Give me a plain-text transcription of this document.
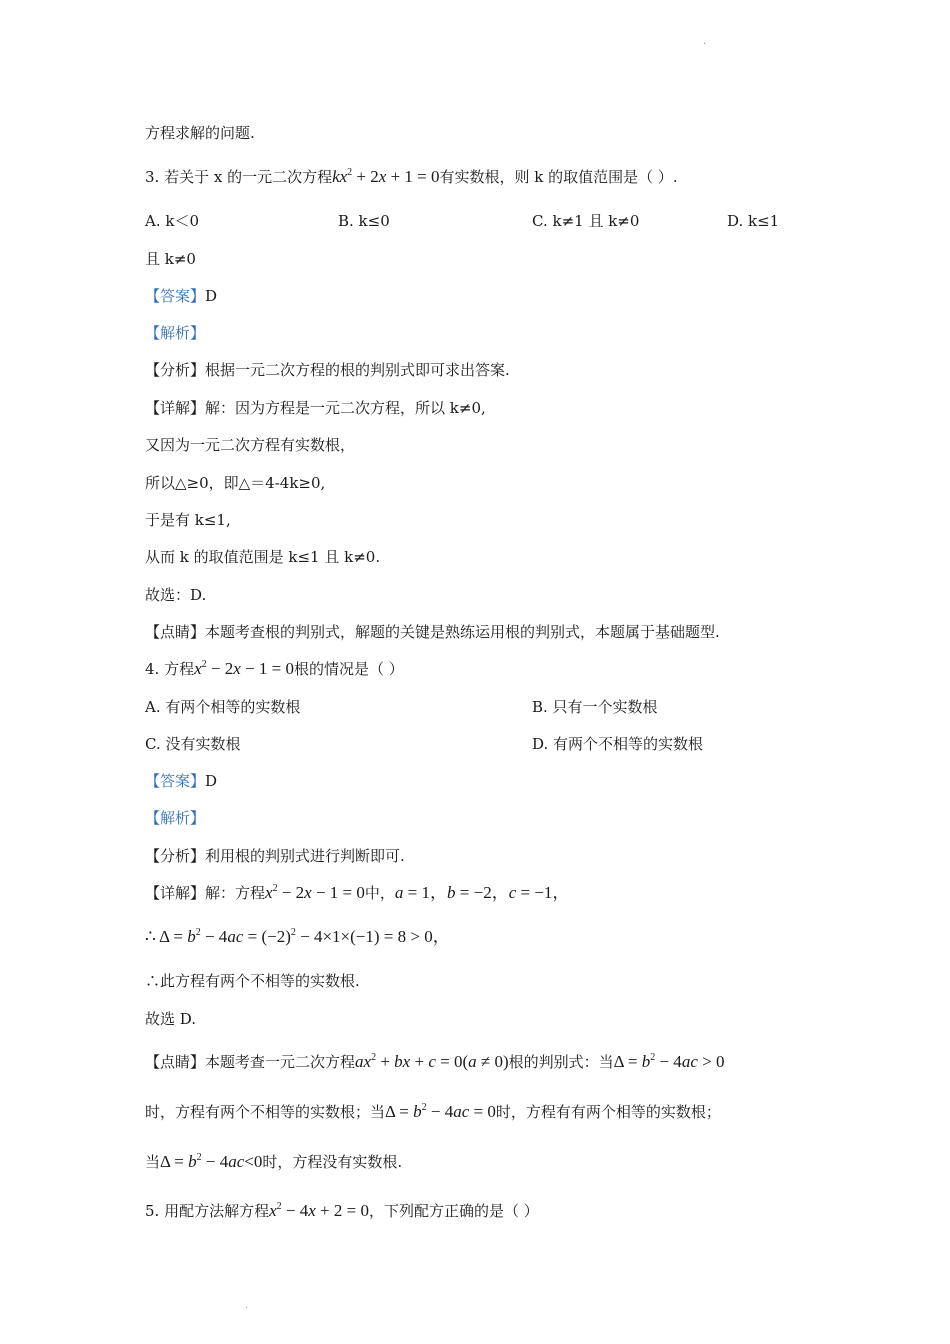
.
方程求解的问题.
3. 若关于 x 的一元二次方程$kx^2 + 2x + 1 = 0$有实数根，则 k 的取值范围是（ ）.
A. k＜0	B. k≤0	C. k≠1 且 k≠0	D. k≤1
且 k≠0
【答案】D
【解析】
【分析】根据一元二次方程的根的判别式即可求出答案.
【详解】解：因为方程是一元二次方程，所以 k≠0,
又因为一元二次方程有实数根，
所以△≥0，即△＝4-4k≥0,
于是有 k≤1,
从而 k 的取值范围是 k≤1 且 k≠0.
故选：D.
【点睛】本题考查根的判别式，解题的关键是熟练运用根的判别式，本题属于基础题型.
4. 方程$x^2 - 2x - 1 = 0$根的情况是（ ）
A. 有两个相等的实数根	B. 只有一个实数根
C. 没有实数根	D. 有两个不相等的实数根
【答案】D
【解析】
【分析】利用根的判别式进行判断即可.
【详解】解：方程$x^2 - 2x - 1 = 0$中，a = 1，b = −2，c = −1，
∴ $\Delta = b^2 - 4ac = (-2)^2 - 4\times 1\times(-1) = 8 > 0$，
∴此方程有两个不相等的实数根.
故选 D.
【点睛】本题考查一元二次方程$ax^2$ + bx + c = 0(a ≠ 0)根的判别式：当$\Delta = b^2 - 4ac > 0$
时，方程有两个不相等的实数根；当$\Delta = b^2 - 4ac = 0$时，方程有有两个相等的实数根；
当$\Delta = b^2 - 4ac<0$时，方程没有实数根.
5. 用配方法解方程$x^2 - 4x + 2 = 0$，下列配方正确的是（ ）
.
